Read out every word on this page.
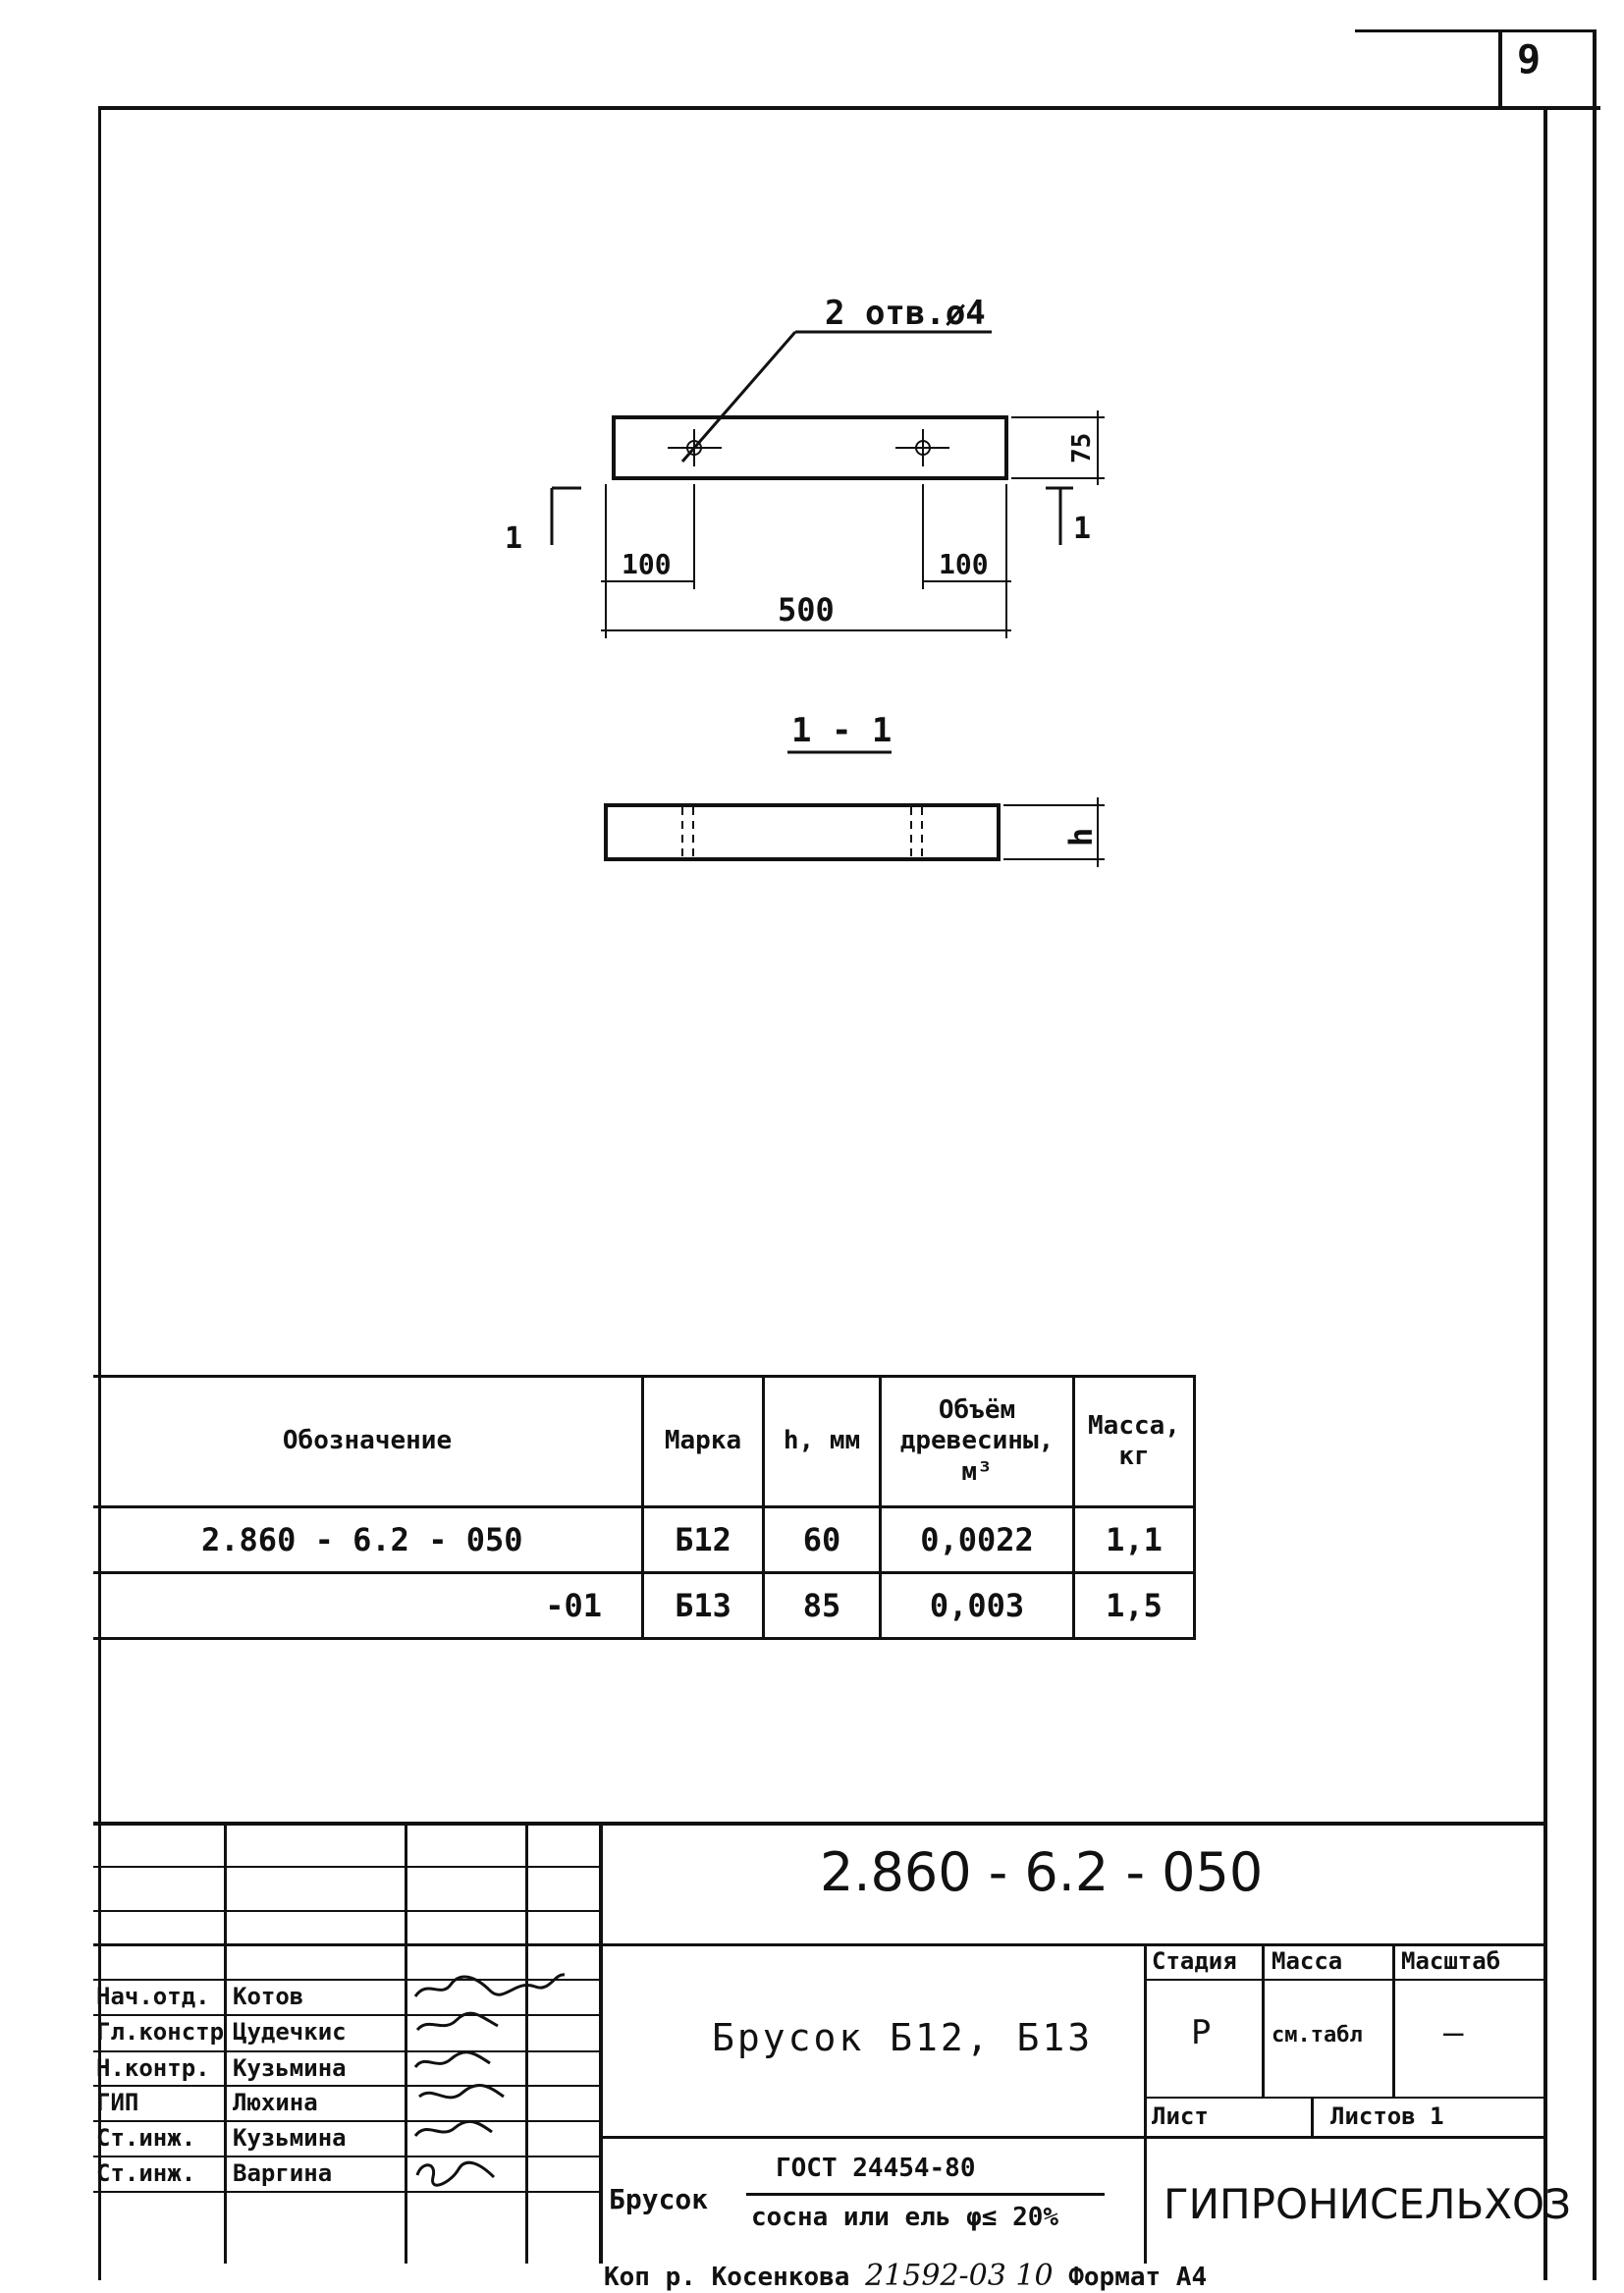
9
2 отв.ø4
75
1	1
100	100
500
1 - 1
h
Обозначение	Марка	h, мм	Объём древесины, м³	Масса, кг
2.860 - 6.2 - 050	Б12	60	0,0022	1,1
-01	Б13	85	0,003	1,5
2.860 - 6.2 - 050
Брусок Б12, Б13
Стадия Масса Масштаб
Р	см.табл —
Лист	Листов 1
ГИПРОНИСЕЛЬХОЗ
Брусок
ГОСТ 24454-80
сосна или ель φ≤ 20%
Нач.отд. Котов
Гл.констр Цудечкис
Н.контр. Кузьмина
ГИП	Люхина
Ст.инж. Кузьмина
Ст.инж. Варгина
Коп р. Косенкова 21592-03 10 Формат А4
